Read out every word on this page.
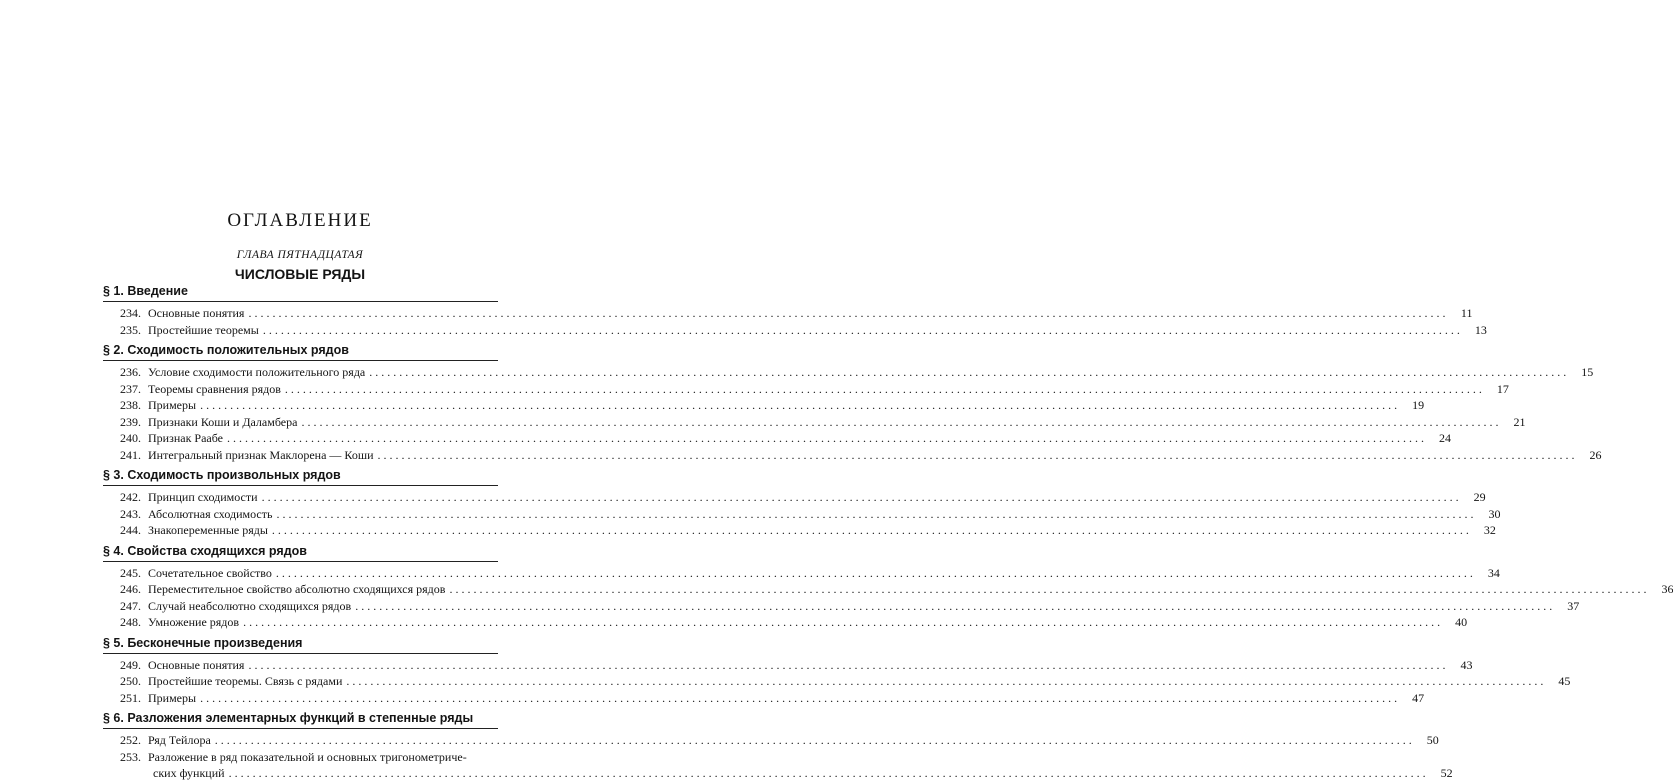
ОГЛАВЛЕНИЕ
ГЛАВА ПЯТНАДЦАТАЯ
ЧИСЛОВЫЕ РЯДЫ
§ 1. Введение
234. Основные понятия ........................................................................................................................................................................................................	11
235. Простейшие теоремы ........................................................................................................................................................................................................	13
§ 2. Сходимость положительных рядов
236. Условие сходимости положительного ряда ........................................................................................................................................................................................................	15
237. Теоремы сравнения рядов ........................................................................................................................................................................................................	17
238. Примеры ........................................................................................................................................................................................................	19
239. Признаки Коши и Даламбера ........................................................................................................................................................................................................	21
240. Признак Раабе ........................................................................................................................................................................................................	24
241. Интегральный признак Маклорена — Коши ........................................................................................................................................................................................................	26
§ 3. Сходимость произвольных рядов
242. Принцип сходимости ........................................................................................................................................................................................................	29
243. Абсолютная сходимость ........................................................................................................................................................................................................	30
244. Знакопеременные ряды ........................................................................................................................................................................................................	32
§ 4. Свойства сходящихся рядов
245. Сочетательное свойство ........................................................................................................................................................................................................	34
246. Переместительное свойство абсолютно сходящихся рядов ........................................................................................................................................................................................................	36
247. Случай неабсолютно сходящихся рядов ........................................................................................................................................................................................................	37
248. Умножение рядов ........................................................................................................................................................................................................	40
§ 5. Бесконечные произведения
249. Основные понятия ........................................................................................................................................................................................................	43
250. Простейшие теоремы. Связь с рядами ........................................................................................................................................................................................................	45
251. Примеры ........................................................................................................................................................................................................	47
§ 6. Разложения элементарных функций в степенные ряды
252. Ряд Тейлора ........................................................................................................................................................................................................	50
253. Разложение в ряд показательной и основных тригонометриче-
ских функций ........................................................................................................................................................................................................	52
